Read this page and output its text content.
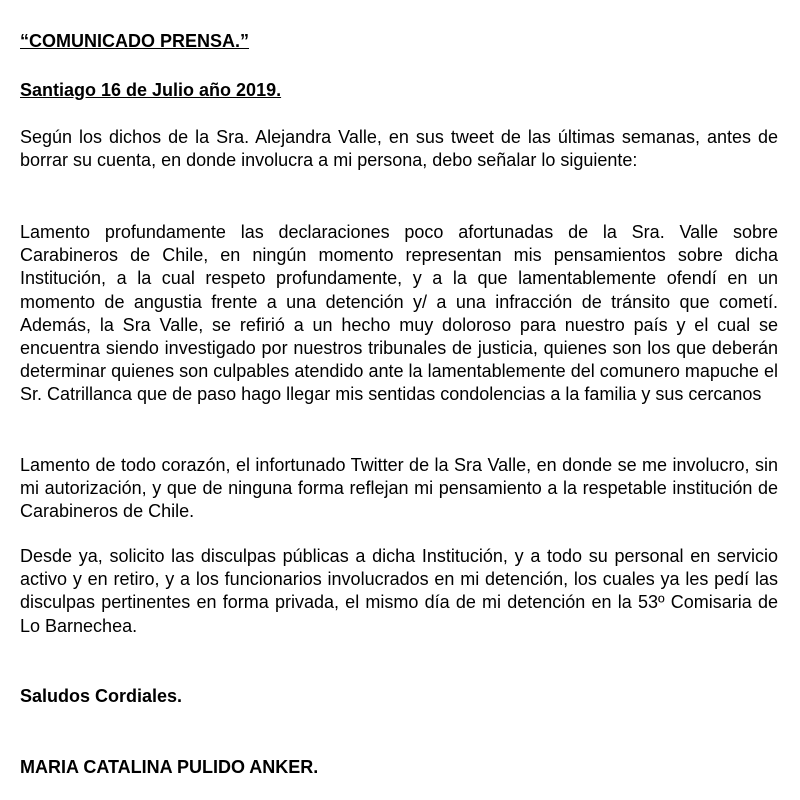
“COMUNICADO PRENSA.”

Santiago 16 de Julio año 2019.

Según los dichos de la Sra. Alejandra Valle, en sus tweet de las últimas semanas, antes de borrar su cuenta, en donde involucra a mi persona, debo señalar lo siguiente:

Lamento profundamente las declaraciones poco afortunadas de la Sra. Valle sobre Carabineros de Chile, en ningún momento representan mis pensamientos sobre dicha Institución, a la cual respeto profundamente, y a la que lamentablemente ofendí en un momento de angustia frente a una detención y/ a una infracción de tránsito que cometí. Además, la Sra Valle, se refirió a un hecho muy doloroso para nuestro país y el cual se encuentra siendo investigado por nuestros tribunales de justicia, quienes son los que deberán determinar quienes son culpables atendido ante la lamentablemente del comunero mapuche el Sr. Catrillanca que de paso hago llegar mis sentidas condolencias a la familia y sus cercanos

Lamento de todo corazón, el infortunado Twitter de la Sra Valle, en donde se me involucro, sin mi autorización, y que de ninguna forma reflejan mi pensamiento a la respetable institución de Carabineros de Chile.

Desde ya, solicito las disculpas públicas a dicha Institución, y a todo su personal en servicio activo y en retiro, y a los funcionarios involucrados en mi detención, los cuales ya les pedí las disculpas pertinentes en forma privada, el mismo día de mi detención en la 53º Comisaria de Lo Barnechea.

Saludos Cordiales.

MARIA CATALINA PULIDO ANKER.
